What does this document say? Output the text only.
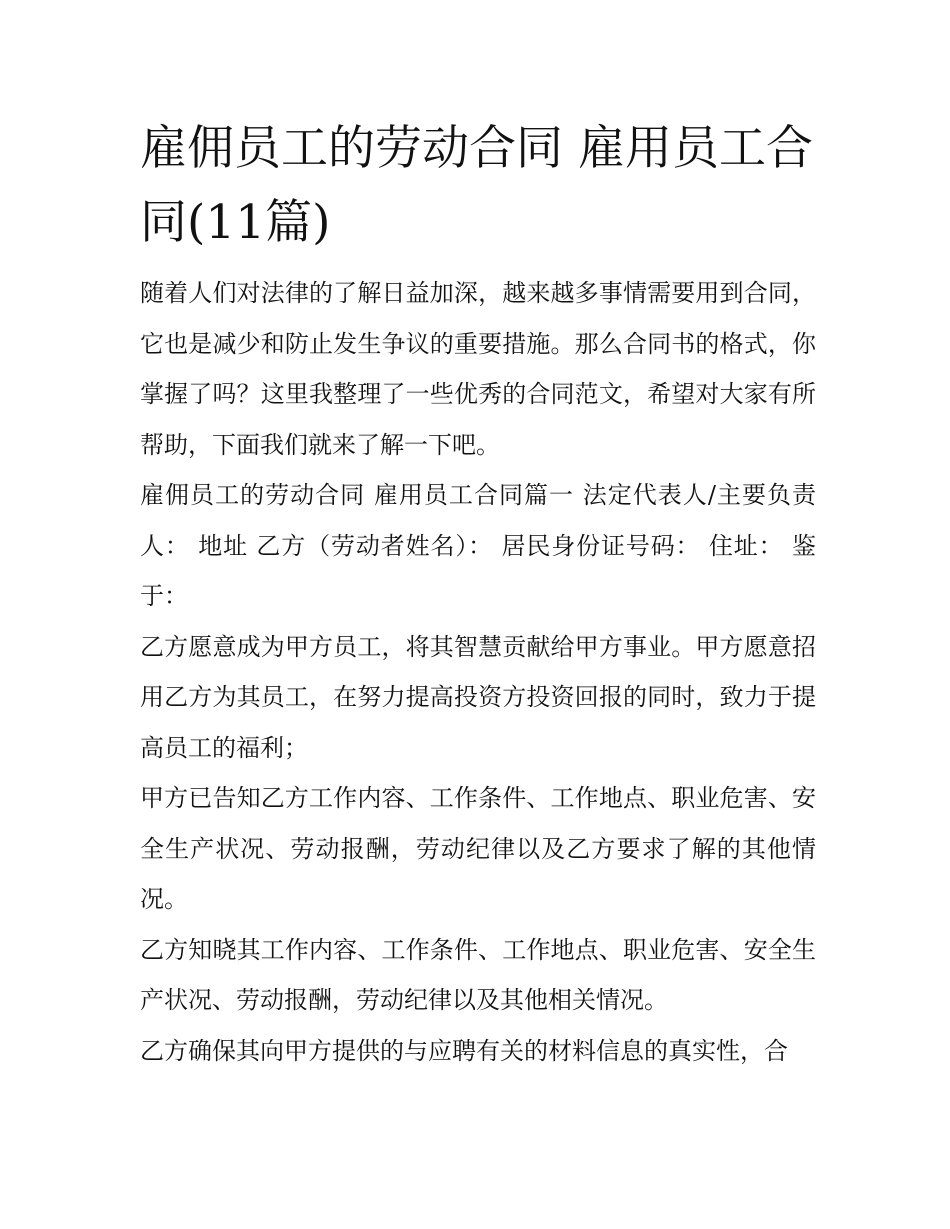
雇佣员工的劳动合同 雇用员工合同(11篇)

随着人们对法律的了解日益加深，越来越多事情需要用到合同，它也是减少和防止发生争议的重要措施。那么合同书的格式，你掌握了吗？这里我整理了一些优秀的合同范文，希望对大家有所帮助，下面我们就来了解一下吧。

雇佣员工的劳动合同 雇用员工合同篇一 法定代表人/主要负责人： 地址 乙方（劳动者姓名）： 居民身份证号码： 住址： 鉴于：

乙方愿意成为甲方员工，将其智慧贡献给甲方事业。甲方愿意招用乙方为其员工，在努力提高投资方投资回报的同时，致力于提高员工的福利；

甲方已告知乙方工作内容、工作条件、工作地点、职业危害、安全生产状况、劳动报酬，劳动纪律以及乙方要求了解的其他情况。

乙方知晓其工作内容、工作条件、工作地点、职业危害、安全生产状况、劳动报酬，劳动纪律以及其他相关情况。

乙方确保其向甲方提供的与应聘有关的材料信息的真实性，合
